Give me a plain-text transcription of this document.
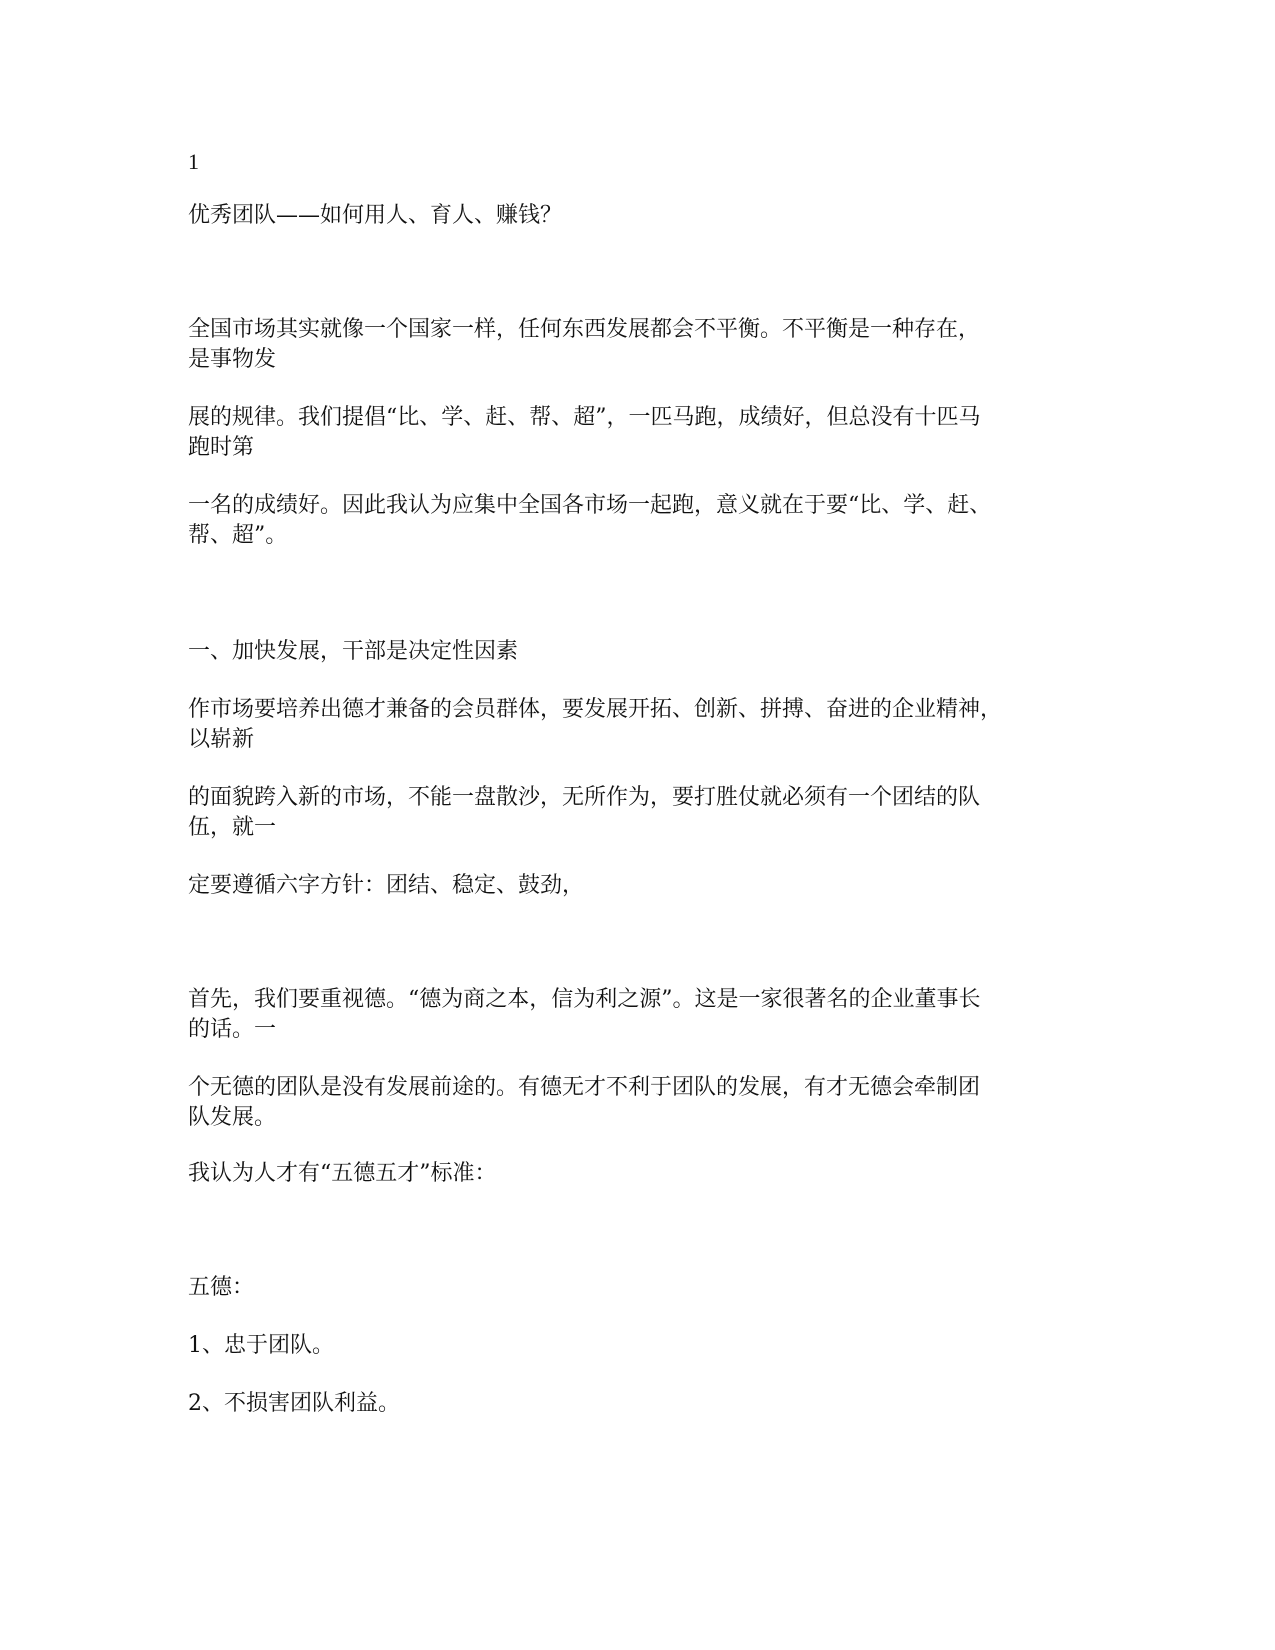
1
优秀团队——如何用人、育人、赚钱？
全国市场其实就像一个国家一样，任何东西发展都会不平衡。不平衡是一种存在，
是事物发
展的规律。我们提倡“比、学、赶、帮、超”，一匹马跑，成绩好，但总没有十匹马
跑时第
一名的成绩好。因此我认为应集中全国各市场一起跑，意义就在于要“比、学、赶、
帮、超”。
一、加快发展，干部是决定性因素
作市场要培养出德才兼备的会员群体，要发展开拓、创新、拼搏、奋进的企业精神，
以崭新
的面貌跨入新的市场，不能一盘散沙，无所作为，要打胜仗就必须有一个团结的队
伍，就一
定要遵循六字方针：团结、稳定、鼓劲，
首先，我们要重视德。“德为商之本，信为利之源”。这是一家很著名的企业董事长
的话。一
个无德的团队是没有发展前途的。有德无才不利于团队的发展，有才无德会牵制团
队发展。
我认为人才有“五德五才”标准：
五德：
1、忠于团队。
2、不损害团队利益。
